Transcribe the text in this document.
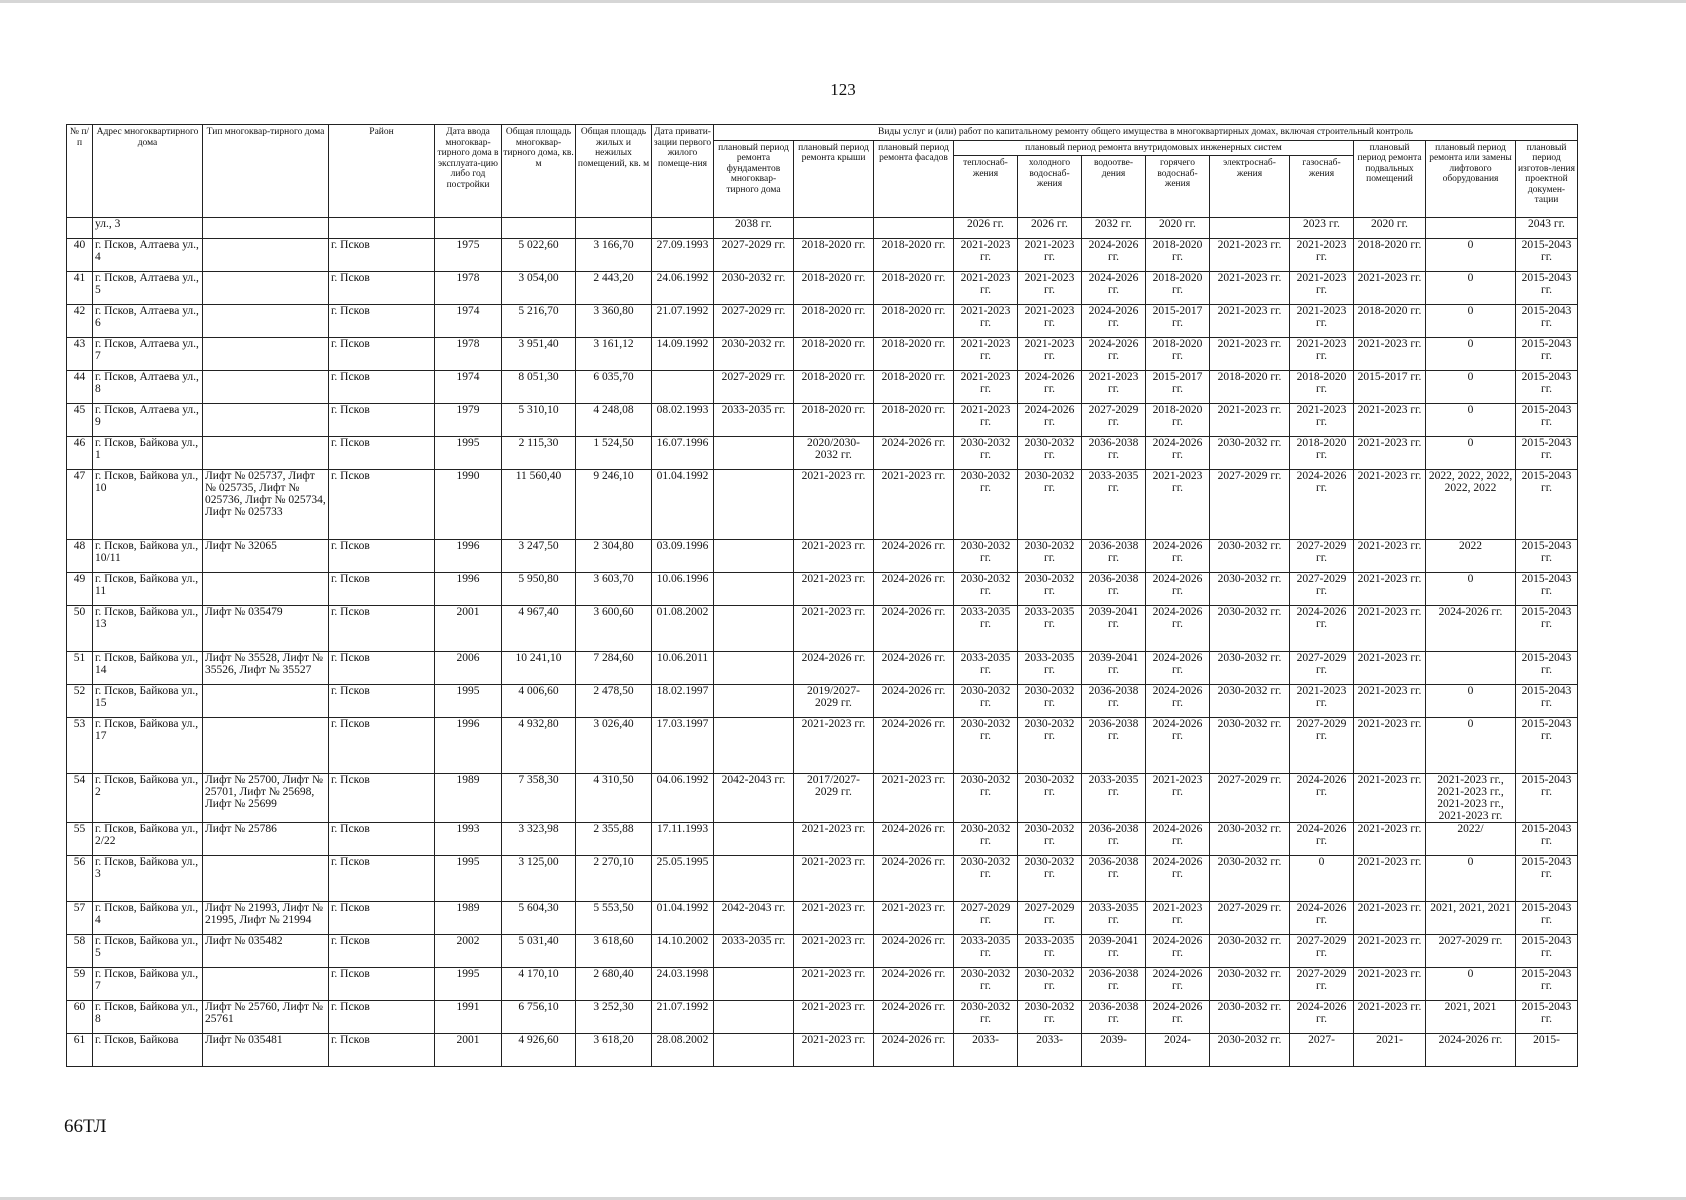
123
№ п/п	Адрес многоквартирного дома	Тип многоквар-тирного дома	Район	Дата ввода многоквар-тирного дома в эксплуата-цию либо год постройки	Общая площадь многоквар-тирного дома, кв. м	Общая площадь жилых и нежилых помещений, кв. м	Дата привати-зации первого жилого помеще-ния	Виды услуг и (или) работ по капитальному ремонту общего имущества в многоквартирных домах, включая строительный контроль											
								плановый период ремонта фундаментов многоквар-тирного дома	плановый период ремонта крыши	плановый период ремонта фасадов	плановый период ремонта внутридомовых инженерных систем						плановый период ремонта подвальных помещений	плановый период ремонта или замены лифтового оборудования	плановый период изготов-ления проектной докумен-тации
											теплоснаб-жения	холодного водоснаб-жения	водоотве-дения	горячего водоснаб-жения	электроснаб-жения	газоснаб-жения			
	ул., 3							2038 гг.			2026 гг.	2026 гг.	2032 гг.	2020 гг.		2023 гг.	2020 гг.		2043 гг.
40	г. Псков, Алтаева ул., 4		г. Псков	1975	5 022,60	3 166,70	27.09.1993	2027-2029 гг.	2018-2020 гг.	2018-2020 гг.	2021-2023 гг.	2021-2023 гг.	2024-2026 гг.	2018-2020 гг.	2021-2023 гг.	2021-2023 гг.	2018-2020 гг.	0	2015-2043 гг.
41	г. Псков, Алтаева ул., 5		г. Псков	1978	3 054,00	2 443,20	24.06.1992	2030-2032 гг.	2018-2020 гг.	2018-2020 гг.	2021-2023 гг.	2021-2023 гг.	2024-2026 гг.	2018-2020 гг.	2021-2023 гг.	2021-2023 гг.	2021-2023 гг.	0	2015-2043 гг.
42	г. Псков, Алтаева ул., 6		г. Псков	1974	5 216,70	3 360,80	21.07.1992	2027-2029 гг.	2018-2020 гг.	2018-2020 гг.	2021-2023 гг.	2021-2023 гг.	2024-2026 гг.	2015-2017 гг.	2021-2023 гг.	2021-2023 гг.	2018-2020 гг.	0	2015-2043 гг.
43	г. Псков, Алтаева ул., 7		г. Псков	1978	3 951,40	3 161,12	14.09.1992	2030-2032 гг.	2018-2020 гг.	2018-2020 гг.	2021-2023 гг.	2021-2023 гг.	2024-2026 гг.	2018-2020 гг.	2021-2023 гг.	2021-2023 гг.	2021-2023 гг.	0	2015-2043 гг.
44	г. Псков, Алтаева ул., 8		г. Псков	1974	8 051,30	6 035,70		2027-2029 гг.	2018-2020 гг.	2018-2020 гг.	2021-2023 гг.	2024-2026 гг.	2021-2023 гг.	2015-2017 гг.	2018-2020 гг.	2018-2020 гг.	2015-2017 гг.	0	2015-2043 гг.
45	г. Псков, Алтаева ул., 9		г. Псков	1979	5 310,10	4 248,08	08.02.1993	2033-2035 гг.	2018-2020 гг.	2018-2020 гг.	2021-2023 гг.	2024-2026 гг.	2027-2029 гг.	2018-2020 гг.	2021-2023 гг.	2021-2023 гг.	2021-2023 гг.	0	2015-2043 гг.
46	г. Псков, Байкова ул., 1		г. Псков	1995	2 115,30	1 524,50	16.07.1996		2020/2030-2032 гг.	2024-2026 гг.	2030-2032 гг.	2030-2032 гг.	2036-2038 гг.	2024-2026 гг.	2030-2032 гг.	2018-2020 гг.	2021-2023 гг.	0	2015-2043 гг.
47	г. Псков, Байкова ул., 10	Лифт № 025737, Лифт № 025735, Лифт № 025736, Лифт № 025734, Лифт № 025733	г. Псков	1990	11 560,40	9 246,10	01.04.1992		2021-2023 гг.	2021-2023 гг.	2030-2032 гг.	2030-2032 гг.	2033-2035 гг.	2021-2023 гг.	2027-2029 гг.	2024-2026 гг.	2021-2023 гг.	2022, 2022, 2022, 2022, 2022	2015-2043 гг.
48	г. Псков, Байкова ул., 10/11	Лифт № 32065	г. Псков	1996	3 247,50	2 304,80	03.09.1996		2021-2023 гг.	2024-2026 гг.	2030-2032 гг.	2030-2032 гг.	2036-2038 гг.	2024-2026 гг.	2030-2032 гг.	2027-2029 гг.	2021-2023 гг.	2022	2015-2043 гг.
49	г. Псков, Байкова ул., 11		г. Псков	1996	5 950,80	3 603,70	10.06.1996		2021-2023 гг.	2024-2026 гг.	2030-2032 гг.	2030-2032 гг.	2036-2038 гг.	2024-2026 гг.	2030-2032 гг.	2027-2029 гг.	2021-2023 гг.	0	2015-2043 гг.
50	г. Псков, Байкова ул., 13	Лифт № 035479	г. Псков	2001	4 967,40	3 600,60	01.08.2002		2021-2023 гг.	2024-2026 гг.	2033-2035 гг.	2033-2035 гг.	2039-2041 гг.	2024-2026 гг.	2030-2032 гг.	2024-2026 гг.	2021-2023 гг.	2024-2026 гг.	2015-2043 гг.
51	г. Псков, Байкова ул., 14	Лифт № 35528, Лифт № 35526, Лифт № 35527	г. Псков	2006	10 241,10	7 284,60	10.06.2011		2024-2026 гг.	2024-2026 гг.	2033-2035 гг.	2033-2035 гг.	2039-2041 гг.	2024-2026 гг.	2030-2032 гг.	2027-2029 гг.	2021-2023 гг.		2015-2043 гг.
52	г. Псков, Байкова ул., 15		г. Псков	1995	4 006,60	2 478,50	18.02.1997		2019/2027-2029 гг.	2024-2026 гг.	2030-2032 гг.	2030-2032 гг.	2036-2038 гг.	2024-2026 гг.	2030-2032 гг.	2021-2023 гг.	2021-2023 гг.	0	2015-2043 гг.
53	г. Псков, Байкова ул., 17		г. Псков	1996	4 932,80	3 026,40	17.03.1997		2021-2023 гг.	2024-2026 гг.	2030-2032 гг.	2030-2032 гг.	2036-2038 гг.	2024-2026 гг.	2030-2032 гг.	2027-2029 гг.	2021-2023 гг.	0	2015-2043 гг.
54	г. Псков, Байкова ул., 2	Лифт № 25700, Лифт № 25701, Лифт № 25698, Лифт № 25699	г. Псков	1989	7 358,30	4 310,50	04.06.1992	2042-2043 гг.	2017/2027-2029 гг.	2021-2023 гг.	2030-2032 гг.	2030-2032 гг.	2033-2035 гг.	2021-2023 гг.	2027-2029 гг.	2024-2026 гг.	2021-2023 гг.	2021-2023 гг., 2021-2023 гг., 2021-2023 гг., 2021-2023 гг.	2015-2043 гг.
55	г. Псков, Байкова ул., 2/22	Лифт № 25786	г. Псков	1993	3 323,98	2 355,88	17.11.1993		2021-2023 гг.	2024-2026 гг.	2030-2032 гг.	2030-2032 гг.	2036-2038 гг.	2024-2026 гг.	2030-2032 гг.	2024-2026 гг.	2021-2023 гг.	2022/	2015-2043 гг.
56	г. Псков, Байкова ул., 3		г. Псков	1995	3 125,00	2 270,10	25.05.1995		2021-2023 гг.	2024-2026 гг.	2030-2032 гг.	2030-2032 гг.	2036-2038 гг.	2024-2026 гг.	2030-2032 гг.	0	2021-2023 гг.	0	2015-2043 гг.
57	г. Псков, Байкова ул., 4	Лифт № 21993, Лифт № 21995, Лифт № 21994	г. Псков	1989	5 604,30	5 553,50	01.04.1992	2042-2043 гг.	2021-2023 гг.	2021-2023 гг.	2027-2029 гг.	2027-2029 гг.	2033-2035 гг.	2021-2023 гг.	2027-2029 гг.	2024-2026 гг.	2021-2023 гг.	2021, 2021, 2021	2015-2043 гг.
58	г. Псков, Байкова ул., 5	Лифт № 035482	г. Псков	2002	5 031,40	3 618,60	14.10.2002	2033-2035 гг.	2021-2023 гг.	2024-2026 гг.	2033-2035 гг.	2033-2035 гг.	2039-2041 гг.	2024-2026 гг.	2030-2032 гг.	2027-2029 гг.	2021-2023 гг.	2027-2029 гг.	2015-2043 гг.
59	г. Псков, Байкова ул., 7		г. Псков	1995	4 170,10	2 680,40	24.03.1998		2021-2023 гг.	2024-2026 гг.	2030-2032 гг.	2030-2032 гг.	2036-2038 гг.	2024-2026 гг.	2030-2032 гг.	2027-2029 гг.	2021-2023 гг.	0	2015-2043 гг.
60	г. Псков, Байкова ул., 8	Лифт № 25760, Лифт № 25761	г. Псков	1991	6 756,10	3 252,30	21.07.1992		2021-2023 гг.	2024-2026 гг.	2030-2032 гг.	2030-2032 гг.	2036-2038 гг.	2024-2026 гг.	2030-2032 гг.	2024-2026 гг.	2021-2023 гг.	2021, 2021	2015-2043 гг.
61	г. Псков, Байкова	Лифт № 035481	г. Псков	2001	4 926,60	3 618,20	28.08.2002		2021-2023 гг.	2024-2026 гг.	2033-	2033-	2039-	2024-	2030-2032 гг.	2027-	2021-	2024-2026 гг.	2015-
66ТЛ
